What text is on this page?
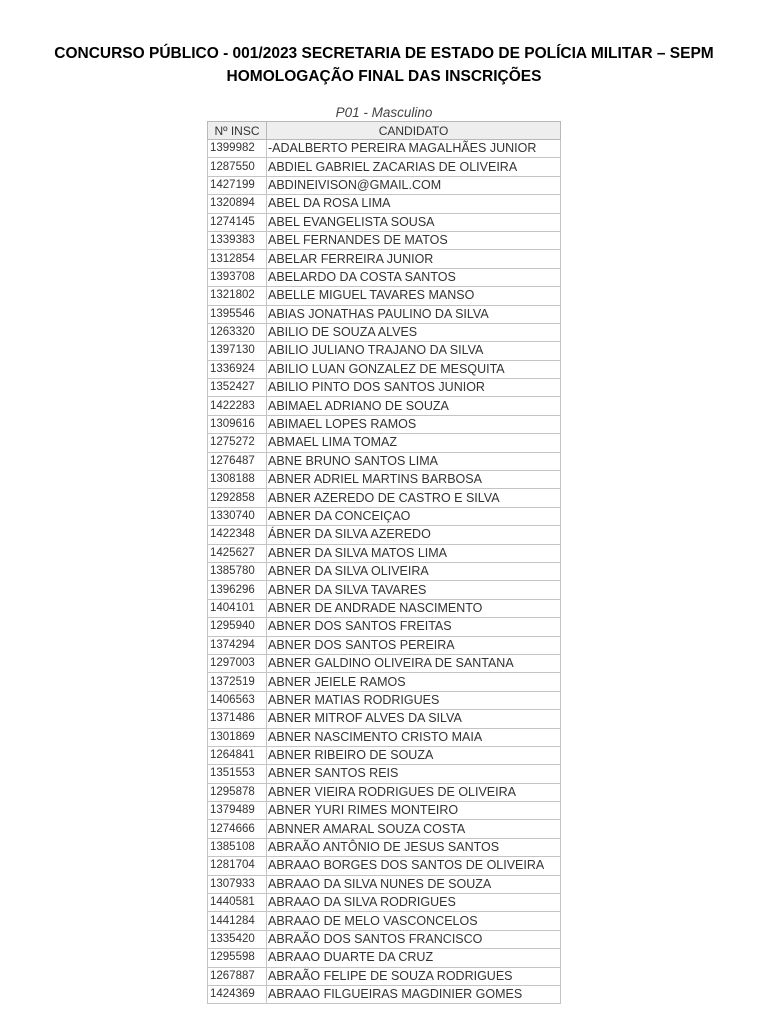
CONCURSO PÚBLICO - 001/2023 SECRETARIA DE ESTADO DE POLÍCIA MILITAR – SEPM
HOMOLOGAÇÃO FINAL DAS INSCRIÇÕES
P01 - Masculino
Nº INSC	CANDIDATO
1399982	-ADALBERTO PEREIRA MAGALHÃES JUNIOR
1287550	ABDIEL GABRIEL ZACARIAS DE OLIVEIRA
1427199	ABDINEIVISON@GMAIL.COM
1320894	ABEL DA ROSA LIMA
1274145	ABEL EVANGELISTA SOUSA
1339383	ABEL FERNANDES DE MATOS
1312854	ABELAR FERREIRA JUNIOR
1393708	ABELARDO DA COSTA SANTOS
1321802	ABELLE MIGUEL TAVARES MANSO
1395546	ABIAS JONATHAS PAULINO DA SILVA
1263320	ABILIO DE SOUZA ALVES
1397130	ABILIO JULIANO TRAJANO DA SILVA
1336924	ABILIO LUAN GONZALEZ DE MESQUITA
1352427	ABILIO PINTO DOS SANTOS JUNIOR
1422283	ABIMAEL ADRIANO DE SOUZA
1309616	ABIMAEL LOPES RAMOS
1275272	ABMAEL LIMA TOMAZ
1276487	ABNE BRUNO SANTOS LIMA
1308188	ABNER ADRIEL MARTINS BARBOSA
1292858	ABNER AZEREDO DE CASTRO E SILVA
1330740	ABNER DA CONCEIÇAO
1422348	ÁBNER DA SILVA AZEREDO
1425627	ABNER DA SILVA MATOS LIMA
1385780	ABNER DA SILVA OLIVEIRA
1396296	ABNER DA SILVA TAVARES
1404101	ABNER DE ANDRADE NASCIMENTO
1295940	ABNER DOS SANTOS FREITAS
1374294	ABNER DOS SANTOS PEREIRA
1297003	ABNER GALDINO OLIVEIRA DE SANTANA
1372519	ABNER JEIELE RAMOS
1406563	ABNER MATIAS RODRIGUES
1371486	ABNER MITROF ALVES DA SILVA
1301869	ABNER NASCIMENTO CRISTO MAIA
1264841	ABNER RIBEIRO DE SOUZA
1351553	ABNER SANTOS REIS
1295878	ABNER VIEIRA RODRIGUES DE OLIVEIRA
1379489	ABNER YURI RIMES MONTEIRO
1274666	ABNNER AMARAL SOUZA COSTA
1385108	ABRAÃO ANTÔNIO DE JESUS SANTOS
1281704	ABRAAO BORGES DOS SANTOS DE OLIVEIRA
1307933	ABRAAO DA SILVA NUNES DE SOUZA
1440581	ABRAAO DA SILVA RODRIGUES
1441284	ABRAAO DE MELO VASCONCELOS
1335420	ABRAÃO DOS SANTOS FRANCISCO
1295598	ABRAAO DUARTE DA CRUZ
1267887	ABRAÃO FELIPE DE SOUZA RODRIGUES
1424369	ABRAAO FILGUEIRAS MAGDINIER GOMES
